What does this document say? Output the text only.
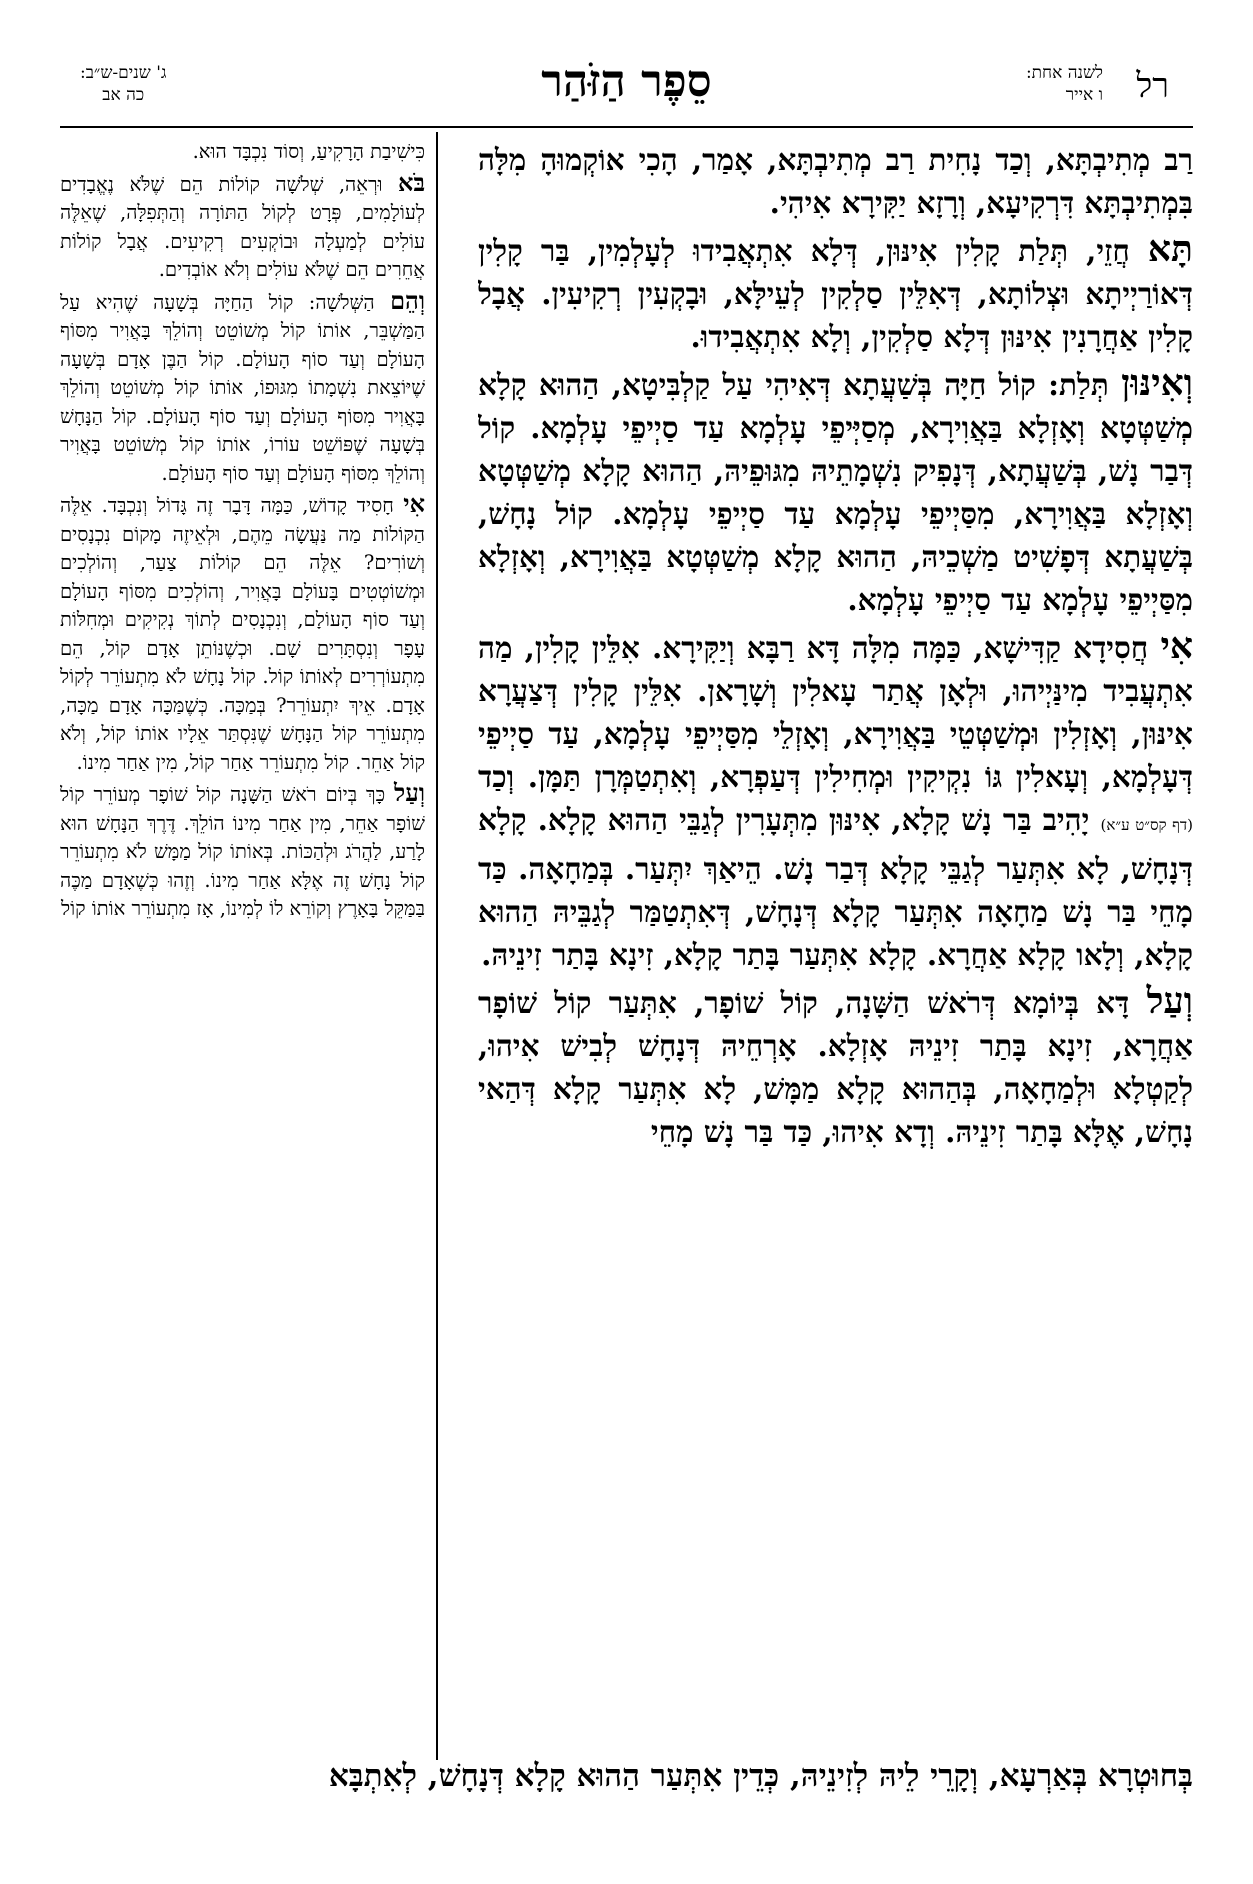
רל
לשנה אחת:
ו אייר
סֵפֶר הַזֹּהַר
ג' שנים-ש״ב:
כה אב

רַב מְתִיבְתָּא, וְכַד נָחִית רַב מְתִיבְתָּא, אָמַר, הָכִי אוֹקְמוּהָ מִלָּה בִּמְתִיבְתָּא דִּרְקִיעָא, וְרָזָא יַקִּירָא אִיהִי.

תָּא חֲזֵי, תְּלַת קָלִין אִינּוּן, דְּלָא אִתְאֲבִידוּ לְעָלְמִין, בַּר קָלִין דְּאוֹרַיְיתָא וּצְלוֹתָא, דְּאִלֵּין סַלְקִין לְעֵילָּא, וּבָקְעִין רְקִיעִין. אֲבָל קָלִין אַחֲרָנִין אִינּוּן דְּלָא סַלְקִין, וְלָא אִתְאֲבִידוּ.

וְאִינּוּן תְּלַת: קוֹל חַיָּה בְּשַׁעֲתָא דְּאִיהִי עַל קַלְבִּיטָא, הַהוּא קָלָא מְשַׁטְּטָא וְאָזְלָא בַּאֲוִירָא, מְסַיְּיפֵי עָלְמָא עַד סַיְיפֵי עָלְמָא. קוֹל דְּבַר נָשׁ, בְּשַׁעֲתָא, דְּנָפִיק נִשְׁמָתֵיהּ מִגּוּפֵיהּ, הַהוּא קָלָא מְשַׁטְּטָא וְאָזְלָא בַּאֲוִירָא, מִסַּיְיפֵי עָלְמָא עַד סַיְיפֵי עָלְמָא. קוֹל נָחָשׁ, בְּשַׁעֲתָא דְּפָשִׁיט מַשְׁכֵיהּ, הַהוּא קָלָא מְשַׁטְּטָא בַּאֲוִירָא, וְאָזְלָא מִסַּיְיפֵי עָלְמָא עַד סַיְיפֵי עָלְמָא.

אִי חֲסִידָא קַדִּישָׁא, כַּמָּה מִלָּה דָּא רַבָּא וְיַקִּירָא. אִלֵּין קָלִין, מַה אִתְעֲבִיד מִינַּיְיהוּ, וּלְאָן אֲתַר עָאלִין וְשָׁרָאן. אִלֵּין קָלִין דְּצַעֲרָא אִינּוּן, וְאָזְלִין וּמְשַׁטְּטֵי בַּאֲוִירָא, וְאָזְלֵי מִסַּיְיפֵי עָלְמָא, עַד סַיְיפֵי דְּעָלְמָא, וְעָאלִין גּוֹ נִקְיקִין וּמְחִילִין דְּעַפְרָא, וְאִתְטַמְּרָן תַּמָּן. וְכַד (דף קס״ט ע״א) יָהִיב בַּר נָשׁ קָלָא, אִינּוּן מִתְּעָרִין לְגַבֵּי הַהוּא קָלָא. קָלָא דְּנָחָשׁ, לָא אִתְּעַר לְגַבֵּי קָלָא דְּבַר נָשׁ. הֵיאַךְ יִתְּעַר. בְּמַחָאָה. כַּד מָחֵי בַּר נָשׁ מַחָאָה אִתְּעַר קָלָא דְּנָחָשׁ, דְּאִתְטַמַּר לְגַבֵּיהּ הַהוּא קָלָא, וְלָאו קָלָא אַחֲרָא. קָלָא אִתְּעַר בָּתַר קָלָא, זִינָא בָּתַר זִינֵיהּ.

וְעַל דָּא בְּיוֹמָא דְּרֹאשׁ הַשָּׁנָה, קוֹל שׁוֹפָר, אִתְּעַר קוֹל שׁוֹפָר אַחֲרָא, זִינָא בָּתַר זִינֵיהּ אָזְלָא. אָרְחֵיהּ דְּנָחָשׁ לְבִישׁ אִיהוּ, לְקַטְלָא וּלְמַחָאָה, בְּהַהוּא קָלָא מַמָּשׁ, לָא אִתְּעַר קָלָא דְּהַאי נָחָשׁ, אֶלָּא בָּתַר זִינֵיהּ. וְדָא אִיהוּ, כַּד בַּר נָשׁ מָחֵי

כִּישִׁיבַת הָרָקִיעַ, וְסוֹד נִכְבָּד הוּא.

בֹּא וּרְאֵה, שְׁלֹשָׁה קוֹלוֹת הֵם שֶׁלֹּא נֶאֱבָדִים לְעוֹלָמִים, פְּרָט לְקוֹל הַתּוֹרָה וְהַתְּפִלָּה, שֶׁאֵלֶּה עוֹלִים לְמַעְלָה וּבוֹקְעִים רְקִיעִים. אֲבָל קוֹלוֹת אֲחֵרִים הֵם שֶׁלֹּא עוֹלִים וְלֹא אוֹבְדִים.

וְהֵם הַשְּׁלֹשָׁה: קוֹל הַחַיָּה בְּשָׁעָה שֶׁהִיא עַל הַמַּשְׁבֵּר, אוֹתוֹ קוֹל מְשׁוֹטֵט וְהוֹלֵךְ בָּאֲוִיר מִסּוֹף הָעוֹלָם וְעַד סוֹף הָעוֹלָם. קוֹל הַבֶּן אָדָם בְּשָׁעָה שֶׁיּוֹצֵאת נִשְׁמָתוֹ מִגּוּפוֹ, אוֹתוֹ קוֹל מְשׁוֹטֵט וְהוֹלֵךְ בָּאֲוִיר מִסּוֹף הָעוֹלָם וְעַד סוֹף הָעוֹלָם. קוֹל הַנָּחָשׁ בְּשָׁעָה שֶׁפּוֹשֵׁט עוֹרוֹ, אוֹתוֹ קוֹל מְשׁוֹטֵט בָּאֲוִיר וְהוֹלֵךְ מִסּוֹף הָעוֹלָם וְעַד סוֹף הָעוֹלָם.

אִי חָסִיד קָדוֹשׁ, כַּמָּה דָּבָר זֶה גָּדוֹל וְנִכְבָּד. אֵלֶּה הַקּוֹלוֹת מַה נַּעֲשָׂה מֵהֶם, וּלְאֵיזֶה מָקוֹם נִכְנָסִים וְשׁוֹרִים? אֵלֶּה הֵם קוֹלוֹת צַעַר, וְהוֹלְכִים וּמְשׁוֹטְטִים בָּעוֹלָם בָּאֲוִיר, וְהוֹלְכִים מִסּוֹף הָעוֹלָם וְעַד סוֹף הָעוֹלָם, וְנִכְנָסִים לְתוֹךְ נְקִיקִים וּמְחִלּוֹת עָפָר וְנִסְתָּרִים שָׁם. וּכְשֶׁנּוֹתֵן אָדָם קוֹל, הֵם מִתְעוֹרְרִים לְאוֹתוֹ קוֹל. קוֹל נָחָשׁ לֹא מִתְעוֹרֵר לְקוֹל אָדָם. אֵיךְ יִתְעוֹרֵר? בְּמַכָּה. כְּשֶׁמַּכָּה אָדָם מַכָּה, מִתְעוֹרֵר קוֹל הַנָּחָשׁ שֶׁנִּסְתַּר אֵלָיו אוֹתוֹ קוֹל, וְלֹא קוֹל אַחֵר. קוֹל מִתְעוֹרֵר אַחַר קוֹל, מִין אַחַר מִינוֹ.

וְעַל כָּךְ בְּיוֹם רֹאשׁ הַשָּׁנָה קוֹל שׁוֹפָר מְעוֹרֵר קוֹל שׁוֹפָר אַחֵר, מִין אַחַר מִינוֹ הוֹלֵךְ. דֶּרֶךְ הַנָּחָשׁ הוּא לָרַע, לַהֲרֹג וּלְהַכּוֹת. בְּאוֹתוֹ קוֹל מַמָּשׁ לֹא מִתְעוֹרֵר קוֹל נָחָשׁ זֶה אֶלָּא אַחַר מִינוֹ. וְזֶהוּ כְּשֶׁאָדָם מַכֶּה בַּמַּקֵּל בָּאָרֶץ וְקוֹרֵא לוֹ לְמִינוֹ, אָז מִתְעוֹרֵר אוֹתוֹ קוֹל

בְּחוּטְרָא בְּאַרְעָא, וְקָרֵי לֵיהּ לְזִינֵיהּ, כְּדֵין אִתְּעַר הַהוּא קָלָא דְּנָחָשׁ, לְאִתְבָּא
